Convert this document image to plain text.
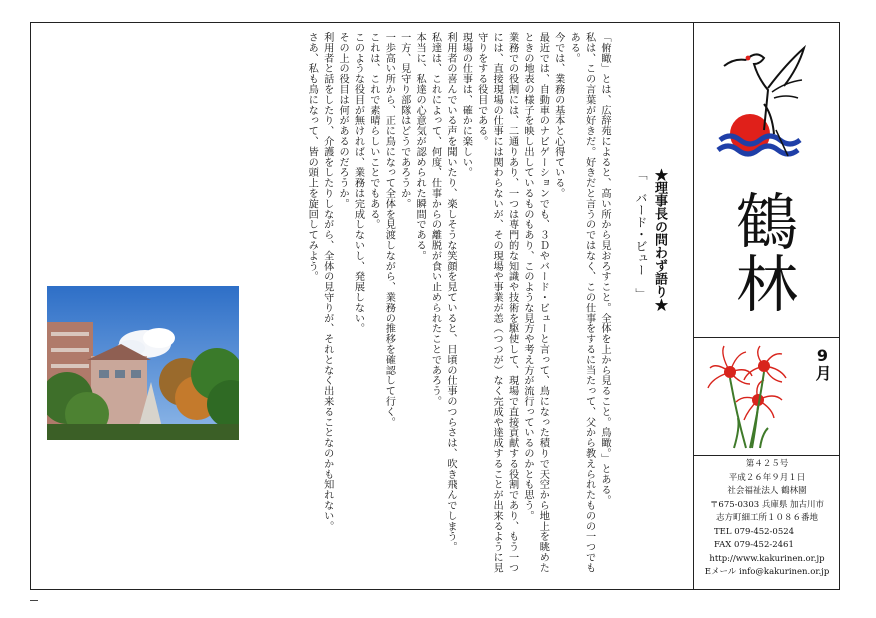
「俯瞰」とは、広辞苑によると、高い所から見おろすこと。全体を上から見ること。鳥瞰。」とある。

私は、この言葉が好きだ。好きだと言うのではなく、この仕事をするに当たって、父から教えられたものの一つでもある。

今では、業務の基本と心得ている。

最近では、自動車のナビゲーションでも、３Ｄやバード・ビューと言って、鳥になった積りで天空から地上を眺めたときの地表の様子を映し出しているものもあり、このような見方や考え方が流行っているのかとも思う。

業務での役割には、二通りあり、一つは専門的な知識や技術を駆使して、現場で直接貢献する役割であり、もう一つには、直接現場の仕事には関わらないが、その現場や事業が恙（つつが）なく完成や達成することが出来るように見守りをする役目である。

現場の仕事は、確かに楽しい。

利用者の喜んでいる声を聞いたり、楽しそうな笑顔を見ていると、日頃の仕事のつらさは、吹き飛んでしまう。

私達は、これによって、何度、仕事からの離脱が食い止められたことであろう。

本当に、私達の心意気が認められた瞬間である。

一方、見守り部隊はどうであろうか。

一歩高い所から、正に鳥になって全体を見渡しながら、業務の推移を確認して行く。

これは、これで素晴らしいことでもある。

このような役目が無ければ、業務は完成しないし、発展しない。

その上の役目は何があるのだろうか。

利用者と話をしたり、介護をしたりしながら、全体の見守りが、それとなく出来ることなのかも知れない。

さあ、私も鳥になって、皆の頭上を旋回してみよう。	★理事長の問わず語り★
「　バード・ビュー　」 鶴
林
9月
第４２５号
平成２６年９月１日
社会福祉法人 鶴林園
〒675-0303 兵庫県 加古川市
志方町細工所１０８６番地
TEL 079-452-0524
FAX 079-452-2461
http://www.kakurinen.or.jp
Eメール info@kakurinen.or.jp
